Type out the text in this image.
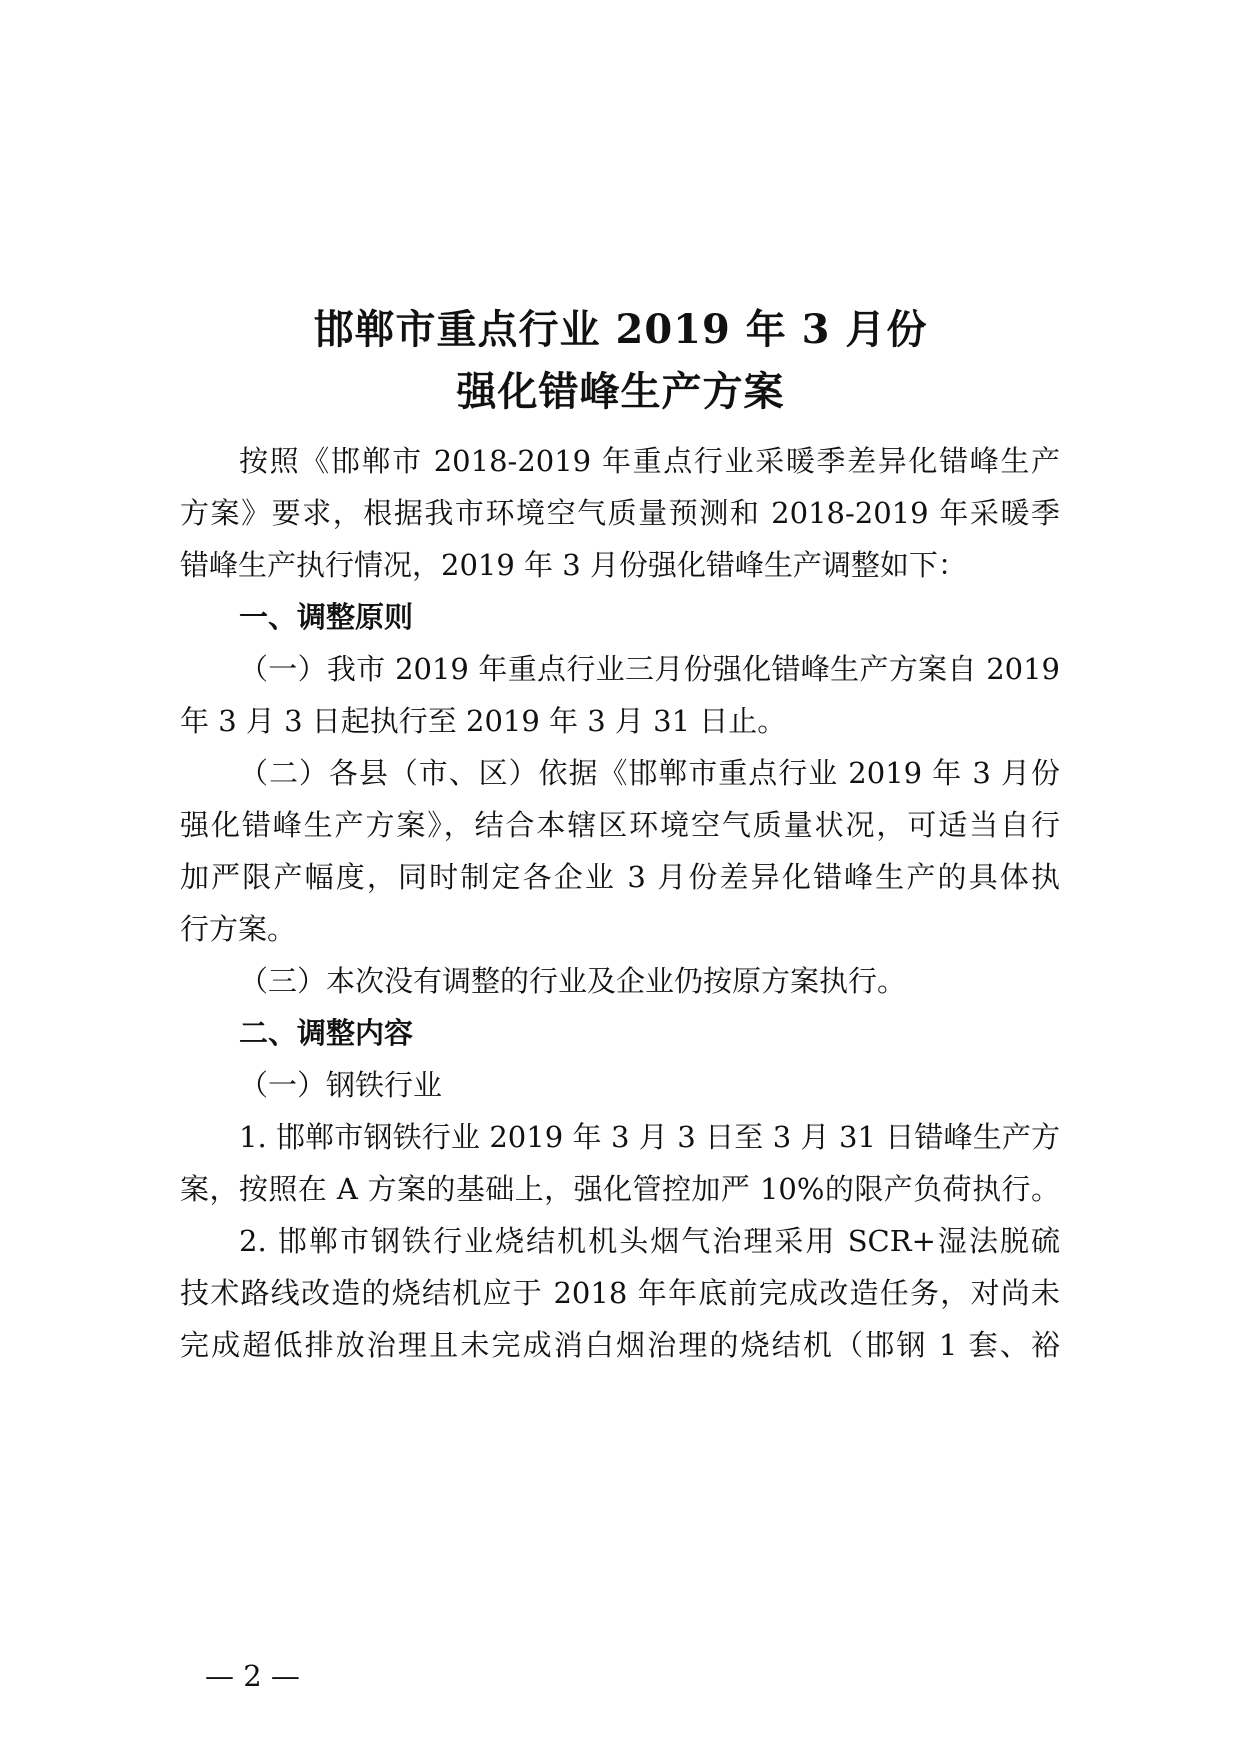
邯郸市重点行业 2019 年 3 月份
强化错峰生产方案
按照《邯郸市 2018-2019 年重点行业采暖季差异化错峰生产
方案》要求，根据我市环境空气质量预测和 2018-2019 年采暖季
错峰生产执行情况，2019 年 3 月份强化错峰生产调整如下：
一、调整原则
（一）我市 2019 年重点行业三月份强化错峰生产方案自 2019
年 3 月 3 日起执行至 2019 年 3 月 31 日止。
（二）各县（市、区）依据《邯郸市重点行业 2019 年 3 月份
强化错峰生产方案》，结合本辖区环境空气质量状况，可适当自行
加严限产幅度，同时制定各企业 3 月份差异化错峰生产的具体执
行方案。
（三）本次没有调整的行业及企业仍按原方案执行。
二、调整内容
（一）钢铁行业
1. 邯郸市钢铁行业 2019 年 3 月 3 日至 3 月 31 日错峰生产方
案，按照在 A 方案的基础上，强化管控加严 10%的限产负荷执行。
2. 邯郸市钢铁行业烧结机机头烟气治理采用 SCR+湿法脱硫
技术路线改造的烧结机应于 2018 年年底前完成改造任务，对尚未
完成超低排放治理且未完成消白烟治理的烧结机（邯钢 1 套、裕
— 2 —
